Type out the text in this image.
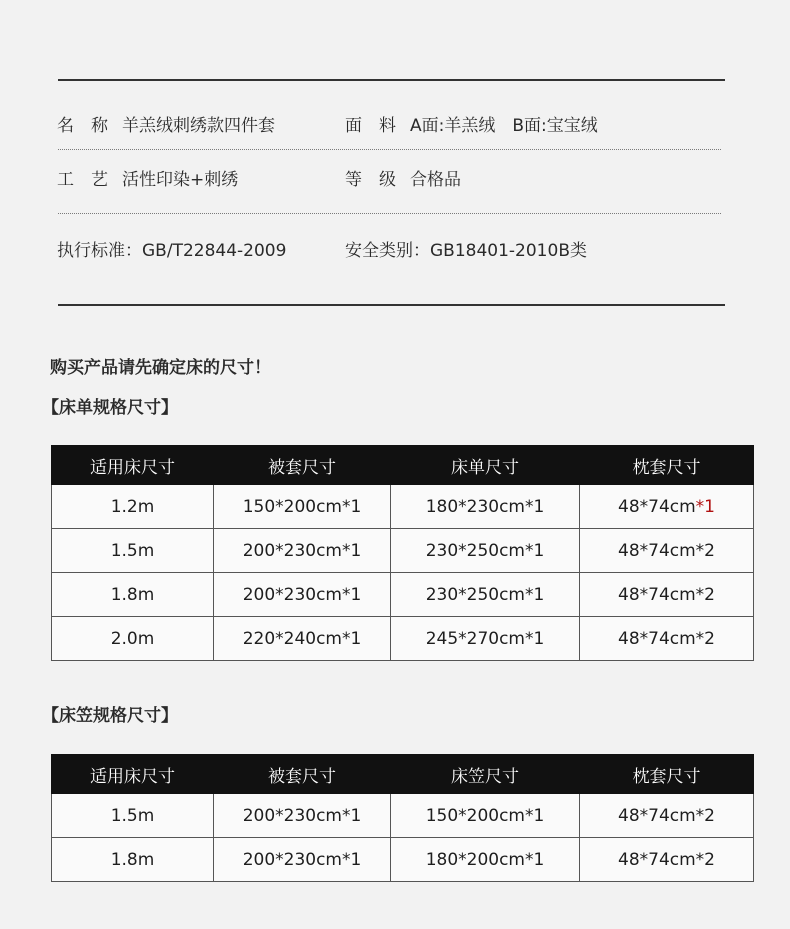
名　称 羊羔绒刺绣款四件套	面　料 A面:羊羔绒　B面:宝宝绒
工　艺 活性印染+刺绣	等　级 合格品
执行标准：GB/T22844-2009	安全类别：GB18401-2010B类
购买产品请先确定床的尺寸！
【床单规格尺寸】
适用床尺寸	被套尺寸	床单尺寸	枕套尺寸
1.2m	150*200cm*1	180*230cm*1	48*74cm*1
1.5m	200*230cm*1	230*250cm*1	48*74cm*2
1.8m	200*230cm*1	230*250cm*1	48*74cm*2
2.0m	220*240cm*1	245*270cm*1	48*74cm*2
【床笠规格尺寸】
适用床尺寸	被套尺寸	床笠尺寸	枕套尺寸
1.5m	200*230cm*1	150*200cm*1	48*74cm*2
1.8m	200*230cm*1	180*200cm*1	48*74cm*2
